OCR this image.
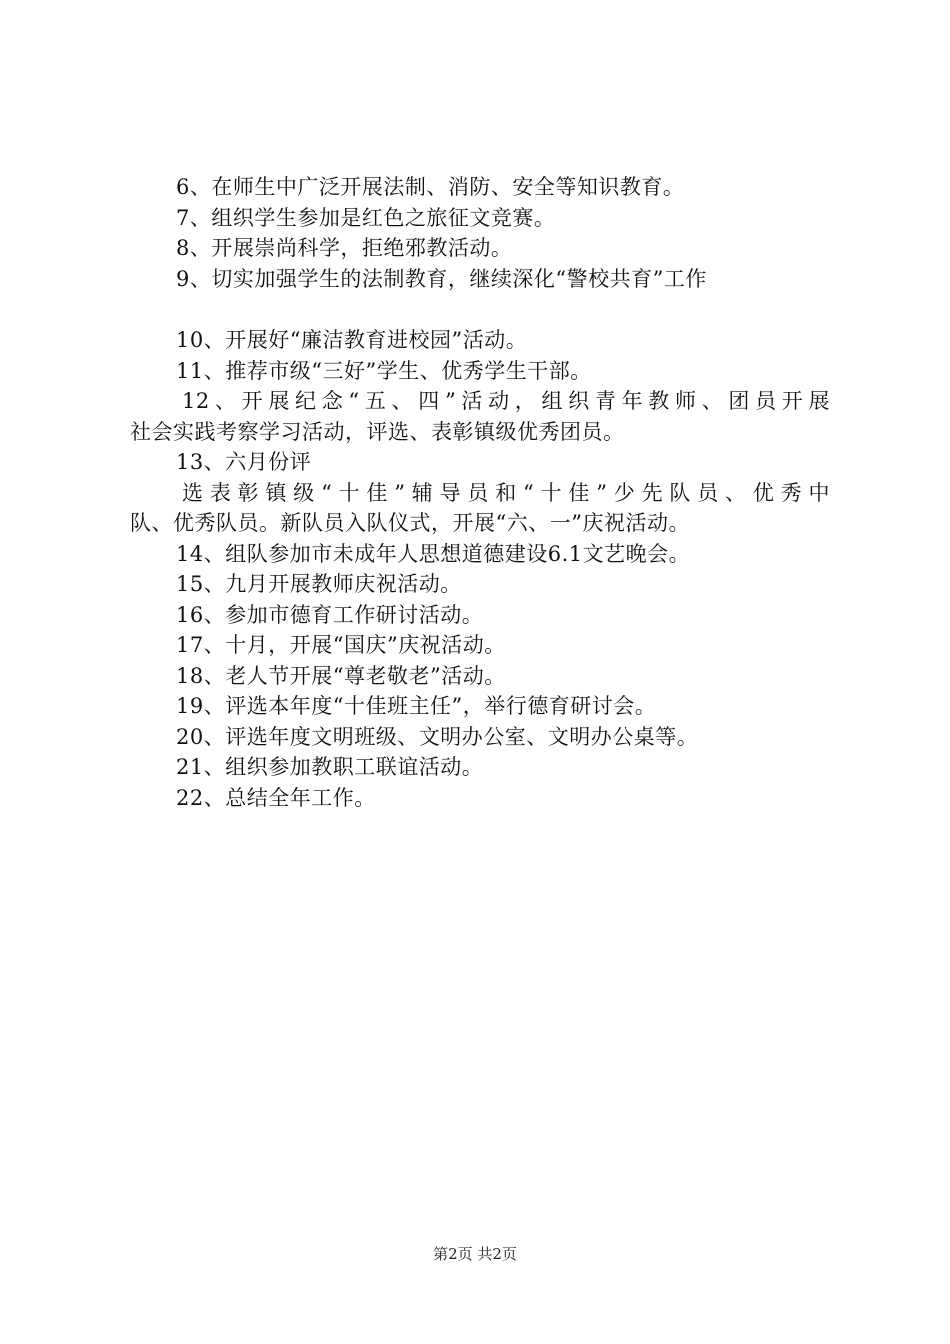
6、在师生中广泛开展法制、消防、安全等知识教育。
7、组织学生参加是红色之旅征文竞赛。
8、开展崇尚科学，拒绝邪教活动。
9、切实加强学生的法制教育，继续深化“警校共育”工作
10、开展好“廉洁教育进校园”活动。
11、推荐市级“三好”学生、优秀学生干部。
12、开展纪念“五、四”活动，组织青年教师、团员开展
社会实践考察学习活动，评选、表彰镇级优秀团员。
13、六月份评
选表彰镇级“十佳”辅导员和“十佳”少先队员、优秀中
队、优秀队员。新队员入队仪式，开展“六、一”庆祝活动。
14、组队参加市未成年人思想道德建设6.1文艺晚会。
15、九月开展教师庆祝活动。
16、参加市德育工作研讨活动。
17、十月，开展“国庆”庆祝活动。
18、老人节开展“尊老敬老”活动。
19、评选本年度“十佳班主任”，举行德育研讨会。
20、评选年度文明班级、文明办公室、文明办公桌等。
21、组织参加教职工联谊活动。
22、总结全年工作。
第2页 共2页
